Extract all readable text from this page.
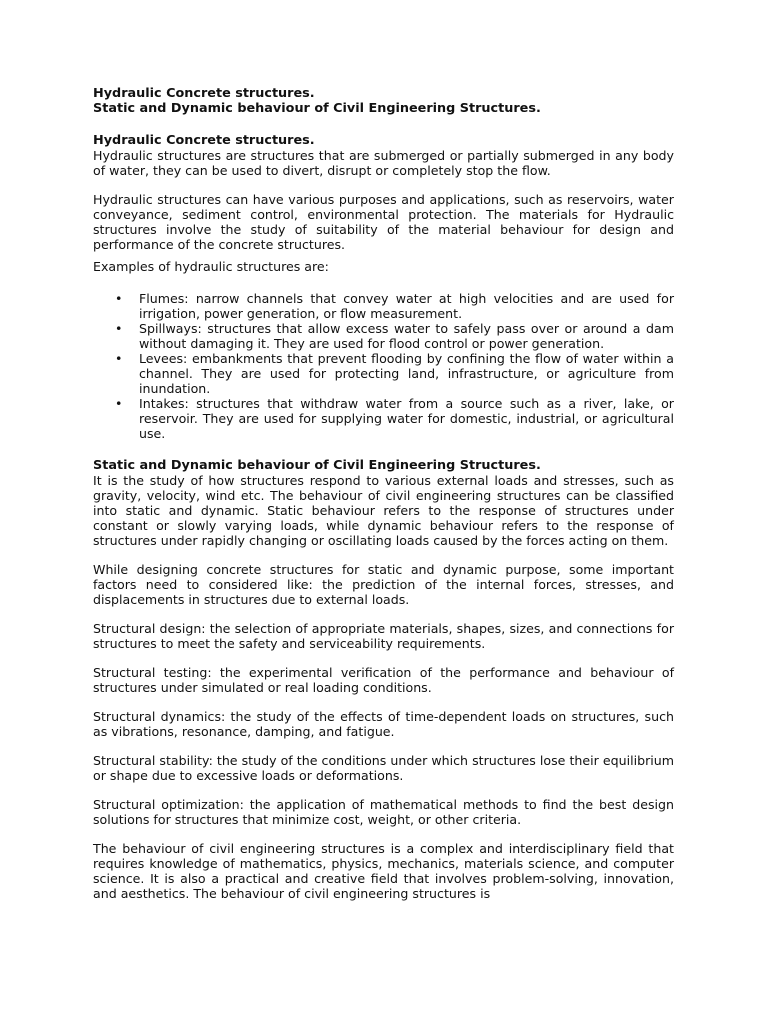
Hydraulic Concrete structures.
Static and Dynamic behaviour of Civil Engineering Structures.
Hydraulic Concrete structures.

Hydraulic structures are structures that are submerged or partially submerged in any body of water, they can be used to divert, disrupt or completely stop the flow.

Hydraulic structures can have various purposes and applications, such as reservoirs, water conveyance, sediment control, environmental protection. The materials for Hydraulic structures involve the study of suitability of the material behaviour for design and performance of the concrete structures.

Examples of hydraulic structures are:

• Flumes: narrow channels that convey water at high velocities and are used for irrigation, power generation, or flow measurement.
• Spillways: structures that allow excess water to safely pass over or around a dam without damaging it. They are used for flood control or power generation.
• Levees: embankments that prevent flooding by confining the flow of water within a channel. They are used for protecting land, infrastructure, or agriculture from inundation.
• Intakes: structures that withdraw water from a source such as a river, lake, or reservoir. They are used for supplying water for domestic, industrial, or agricultural use.
Static and Dynamic behaviour of Civil Engineering Structures.

It is the study of how structures respond to various external loads and stresses, such as gravity, velocity, wind etc. The behaviour of civil engineering structures can be classified into static and dynamic. Static behaviour refers to the response of structures under constant or slowly varying loads, while dynamic behaviour refers to the response of structures under rapidly changing or oscillating loads caused by the forces acting on them.

While designing concrete structures for static and dynamic purpose, some important factors need to considered like: the prediction of the internal forces, stresses, and displacements in structures due to external loads.

Structural design: the selection of appropriate materials, shapes, sizes, and connections for structures to meet the safety and serviceability requirements.

Structural testing: the experimental verification of the performance and behaviour of structures under simulated or real loading conditions.

Structural dynamics: the study of the effects of time-dependent loads on structures, such as vibrations, resonance, damping, and fatigue.

Structural stability: the study of the conditions under which structures lose their equilibrium or shape due to excessive loads or deformations.

Structural optimization: the application of mathematical methods to find the best design solutions for structures that minimize cost, weight, or other criteria.

The behaviour of civil engineering structures is a complex and interdisciplinary field that requires knowledge of mathematics, physics, mechanics, materials science, and computer science. It is also a practical and creative field that involves problem-solving, innovation, and aesthetics. The behaviour of civil engineering structures is
